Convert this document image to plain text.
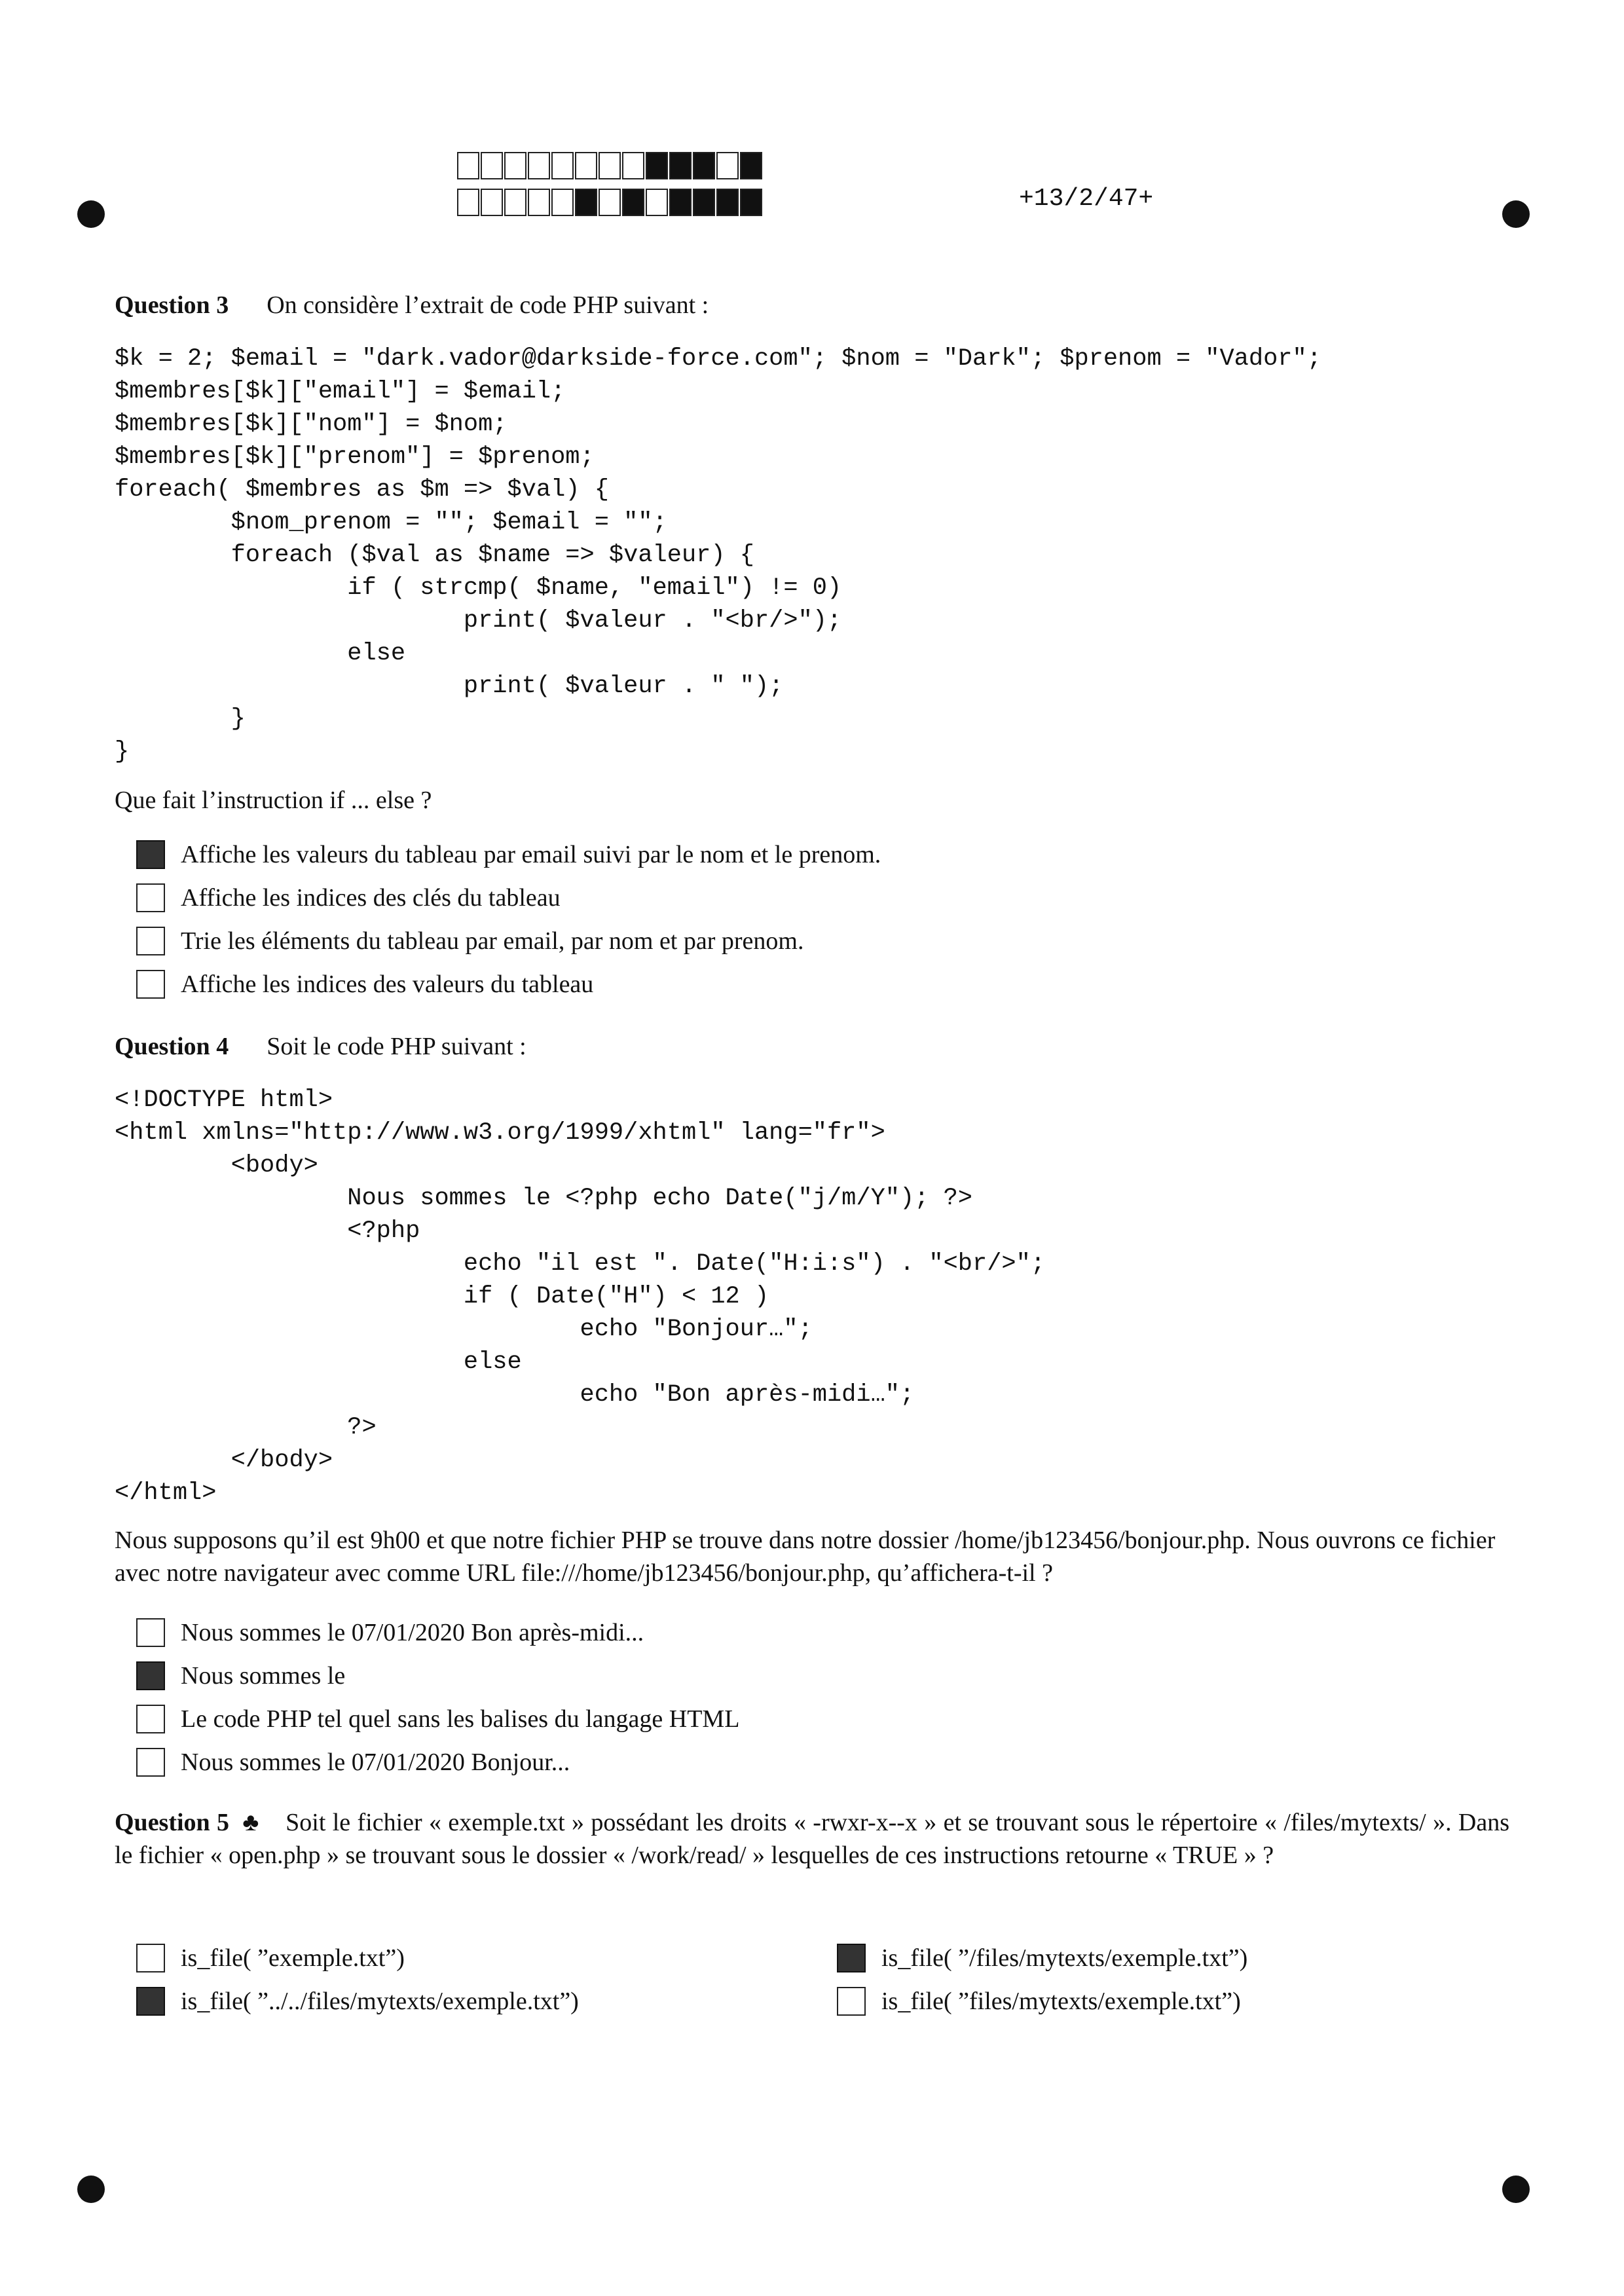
+13/2/47+
Question 3 On considère l’extrait de code PHP suivant :
$k = 2; $email = "dark.vador@darkside-force.com"; $nom = "Dark"; $prenom = "Vador";
$membres[$k]["email"] = $email;
$membres[$k]["nom"] = $nom;
$membres[$k]["prenom"] = $prenom;
foreach( $membres as $m => $val) {
$nom_prenom = ""; $email = "";
foreach ($val as $name => $valeur) {
if ( strcmp( $name, "email") != 0)
print( $valeur . "<br/>");
else
print( $valeur . " ");
}
}

Que fait l’instruction if ... else ?

Affiche les valeurs du tableau par email suivi par le nom et le prenom.
Affiche les indices des clés du tableau
Trie les éléments du tableau par email, par nom et par prenom.
Affiche les indices des valeurs du tableau
Question 4 Soit le code PHP suivant :
<!DOCTYPE html>
<html xmlns="http://www.w3.org/1999/xhtml" lang="fr">
<body>
Nous sommes le <?php echo Date("j/m/Y"); ?>
<?php
echo "il est ". Date("H:i:s") . "<br/>";
if ( Date("H") < 12 )
echo "Bonjour…";
else
echo "Bon après-midi…";
?>
</body>
</html>

Nous supposons qu’il est 9h00 et que notre fichier PHP se trouve dans notre dossier /home/jb123456/bonjour.php. Nous ouvrons ce fichier avec notre navigateur avec comme URL file:///home/jb123456/bonjour.php, qu’affichera-t-il ?

Nous sommes le 07/01/2020 Bon après-midi...
Nous sommes le
Le code PHP tel quel sans les balises du langage HTML
Nous sommes le 07/01/2020 Bonjour...

Question 5 ♣ Soit le fichier « exemple.txt » possédant les droits « -rwxr-x--x » et se trouvant sous le répertoire « /files/mytexts/ ». Dans le fichier « open.php » se trouvant sous le dossier « /work/read/ » lesquelles de ces instructions retourne « TRUE » ?

is_file( ”exemple.txt”)	is_file( ”/files/mytexts/exemple.txt”)
is_file( ”../../files/mytexts/exemple.txt”)	is_file( ”files/mytexts/exemple.txt”)
